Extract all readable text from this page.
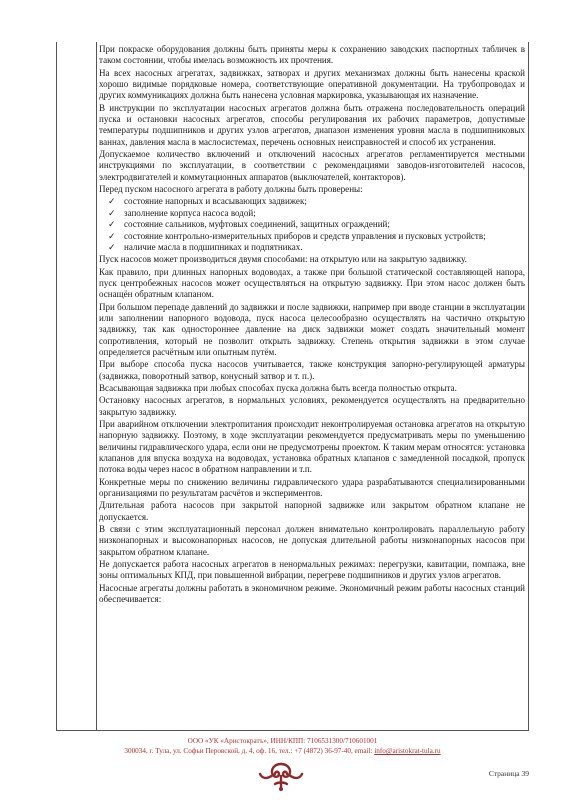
При покраске оборудования должны быть приняты меры к сохранению заводских паспортных табличек в таком состоянии, чтобы имелась возможность их прочтения.

На всех насосных агрегатах, задвижках, затворах и других механизмах должны быть нанесены краской хорошо видимые порядковые номера, соответствующие оперативной документации. На трубопроводах и других коммуникациях должна быть нанесена условная маркировка, указывающая их назначение.

В инструкции по эксплуатации насосных агрегатов должна быть отражена последовательность операций пуска и остановки насосных агрегатов, способы регулирования их рабочих параметров, допустимые температуры подшипников и других узлов агрегатов, диапазон изменения уровня масла в подшипниковых ваннах, давления масла в маслосистемах, перечень основных неисправностей и способ их устранения.

Допускаемое количество включений и отключений насосных агрегатов регламентируется местными инструкциями по эксплуатации, в соответствии с рекомендациями заводов-изготовителей насосов, электродвигателей и коммутационных аппаратов (выключателей, контакторов).

Перед пуском насосного агрегата в работу должны быть проверены:

✓ состояние напорных и всасывающих задвижек;
✓ заполнение корпуса насоса водой;
✓ состояние сальников, муфтовых соединений, защитных ограждений;
✓ состояние контрольно-измерительных приборов и средств управления и пусковых устройств;
✓ наличие масла в подшипниках и подпятниках.

Пуск насосов может производиться двумя способами: на открытую или на закрытую задвижку.

Как правило, при длинных напорных водоводах, а также при большой статической составляющей напора, пуск центробежных насосов может осуществляться на открытую задвижку. При этом насос должен быть оснащён обратным клапаном.

При большом перепаде давлений до задвижки и после задвижки, например при вводе станции в эксплуатации или заполнении напорного водовода, пуск насоса целесообразно осуществлять на частично открытую задвижку, так как одностороннее давление на диск задвижки может создать значительный момент сопротивления, который не позволит открыть задвижку. Степень открытия задвижки в этом случае определяется расчётным или опытным путём.

При выборе способа пуска насосов учитывается, также конструкция запорно-регулирующей арматуры (задвижка, поворотный затвор, конусный затвор и т. п.).

Всасывающая задвижка при любых способах пуска должна быть всегда полностью открыта.

Остановку насосных агрегатов, в нормальных условиях, рекомендуется осуществлять на предварительно закрытую задвижку.

При аварийном отключении электропитания происходит неконтролируемая остановка агрегатов на открытую напорную задвижку. Поэтому, в ходе эксплуатации рекомендуется предусматривать меры по уменьшению величины гидравлического удара, если они не предусмотрены проектом. К таким мерам относятся: установка клапанов для впуска воздуха на водоводах, установка обратных клапанов с замедленной посадкой, пропуск потока воды через насос в обратном направлении и т.п.

Конкретные меры по снижению величины гидравлического удара разрабатываются специализированными организациями по результатам расчётов и экспериментов.

Длительная работа насосов при закрытой напорной задвижке или закрытом обратном клапане не допускается.

В связи с этим эксплуатационный персонал должен внимательно контролировать параллельную работу низконапорных и высоконапорных насосов, не допуская длительной работы низконапорных насосов при закрытом обратном клапане.

Не допускается работа насосных агрегатов в ненормальных режимах: перегрузки, кавитации, помпажа, вне зоны оптимальных КПД, при повышенной вибрации, перегреве подшипников и других узлов агрегатов.

Насосные агрегаты должны работать в экономичном режиме. Экономичный режим работы насосных станций обеспечивается:

ООО «УК «Аристократъ», ИНН/КПП: 7106531300/710601001
300034, г. Тула, ул. Софьи Перовской, д. 4, оф. 16, тел.: +7 (4872) 36-97-40, email: info@aristokrat-tula.ru
Страница 39
